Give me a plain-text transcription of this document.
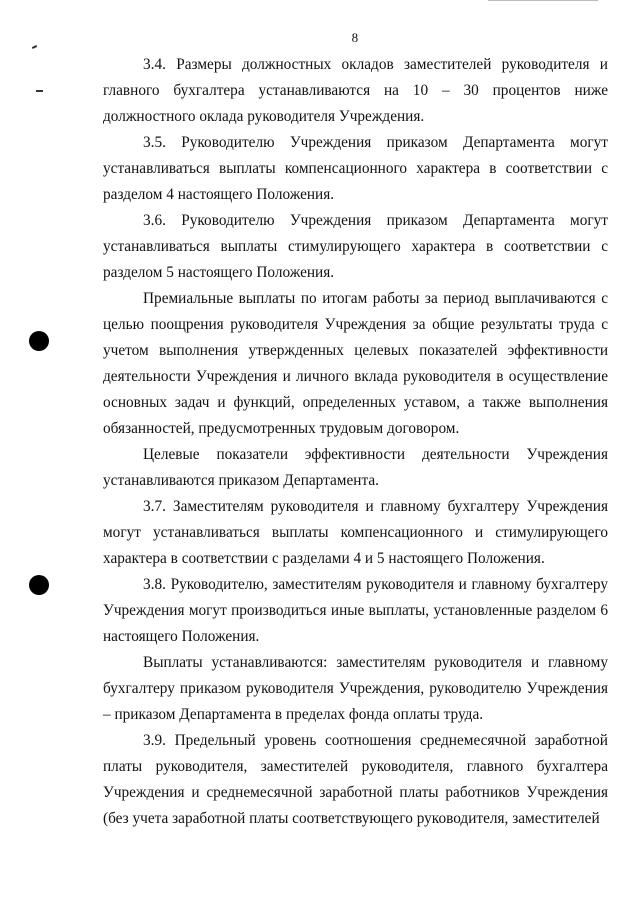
8

3.4. Размеры должностных окладов заместителей руководителя и главного бухгалтера устанавливаются на 10 – 30 процентов ниже должностного оклада руководителя Учреждения.

3.5. Руководителю Учреждения приказом Департамента могут устанавливаться выплаты компенсационного характера в соответствии с разделом 4 настоящего Положения.

3.6. Руководителю Учреждения приказом Департамента могут устанавливаться выплаты стимулирующего характера в соответствии с разделом 5 настоящего Положения.

Премиальные выплаты по итогам работы за период выплачиваются с целью поощрения руководителя Учреждения за общие результаты труда с учетом выполнения утвержденных целевых показателей эффективности деятельности Учреждения и личного вклада руководителя в осуществление основных задач и функций, определенных уставом, а также выполнения обязанностей, предусмотренных трудовым договором.

Целевые показатели эффективности деятельности Учреждения устанавливаются приказом Департамента.

3.7. Заместителям руководителя и главному бухгалтеру Учреждения могут устанавливаться выплаты компенсационного и стимулирующего характера в соответствии с разделами 4 и 5 настоящего Положения.

3.8. Руководителю, заместителям руководителя и главному бухгалтеру Учреждения могут производиться иные выплаты, установленные разделом 6 настоящего Положения.

Выплаты устанавливаются: заместителям руководителя и главному бухгалтеру приказом руководителя Учреждения, руководителю Учреждения – приказом Департамента в пределах фонда оплаты труда.

3.9. Предельный уровень соотношения среднемесячной заработной платы руководителя, заместителей руководителя, главного бухгалтера Учреждения и среднемесячной заработной платы работников Учреждения (без учета заработной платы соответствующего руководителя, заместителей
